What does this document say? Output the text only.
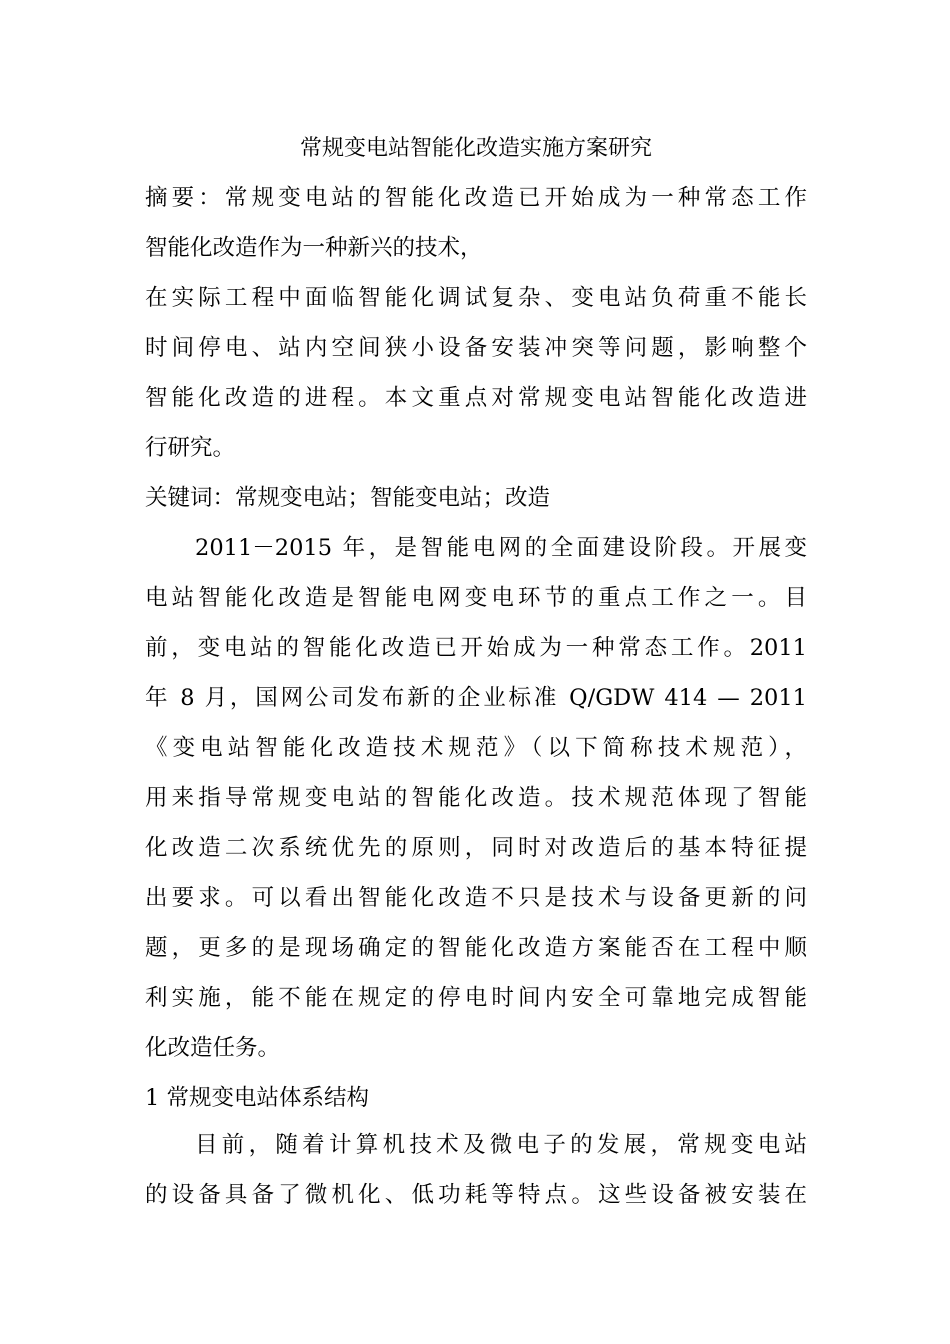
常规变电站智能化改造实施方案研究
摘要：常规变电站的智能化改造已开始成为一种常态工作
智能化改造作为一种新兴的技术，
在实际工程中面临智能化调试复杂、变电站负荷重不能长
时间停电、站内空间狭小设备安装冲突等问题，影响整个
智能化改造的进程。本文重点对常规变电站智能化改造进
行研究。
关键词：常规变电站；智能变电站；改造
2011－2015 年，是智能电网的全面建设阶段。开展变
电站智能化改造是智能电网变电环节的重点工作之一。目
前，变电站的智能化改造已开始成为一种常态工作。2011
年 8 月，国网公司发布新的企业标准 Q/GDW 414 — 2011
《变电站智能化改造技术规范》（以下简称技术规范），
用来指导常规变电站的智能化改造。技术规范体现了智能
化改造二次系统优先的原则，同时对改造后的基本特征提
出要求。可以看出智能化改造不只是技术与设备更新的问
题，更多的是现场确定的智能化改造方案能否在工程中顺
利实施，能不能在规定的停电时间内安全可靠地完成智能
化改造任务。
1 常规变电站体系结构
目前，随着计算机技术及微电子的发展，常规变电站
的设备具备了微机化、低功耗等特点。这些设备被安装在
